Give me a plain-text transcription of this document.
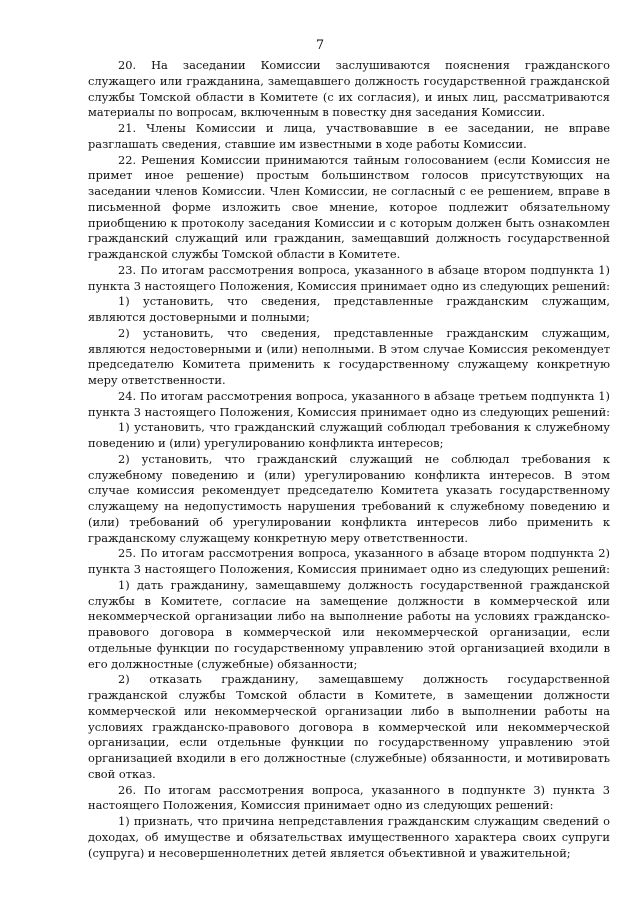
7

20. На заседании Комиссии заслушиваются пояснения гражданского служащего или гражданина, замещавшего должность государственной гражданской службы Томской области в Комитете (с их согласия), и иных лиц, рассматриваются материалы по вопросам, включенным в повестку дня заседания Комиссии.

21. Члены Комиссии и лица, участвовавшие в ее заседании, не вправе разглашать сведения, ставшие им известными в ходе работы Комиссии.

22. Решения Комиссии принимаются тайным голосованием (если Комиссия не примет иное решение) простым большинством голосов присутствующих на заседании членов Комиссии. Член Комиссии, не согласный с ее решением, вправе в письменной форме изложить свое мнение, которое подлежит обязательному приобщению к протоколу заседания Комиссии и с которым должен быть ознакомлен гражданский служащий или гражданин, замещавший должность государственной гражданской службы Томской области в Комитете.

23. По итогам рассмотрения вопроса, указанного в абзаце втором подпункта 1) пункта 3 настоящего Положения, Комиссия принимает одно из следующих решений:

1) установить, что сведения, представленные гражданским служащим, являются достоверными и полными;

2) установить, что сведения, представленные гражданским служащим, являются недостоверными и (или) неполными. В этом случае Комиссия рекомендует председателю Комитета применить к государственному служащему конкретную меру ответственности.

24. По итогам рассмотрения вопроса, указанного в абзаце третьем подпункта 1) пункта 3 настоящего Положения, Комиссия принимает одно из следующих решений:

1) установить, что гражданский служащий соблюдал требования к служебному поведению и (или) урегулированию конфликта интересов;

2) установить, что гражданский служащий не соблюдал требования к служебному поведению и (или) урегулированию конфликта интересов. В этом случае комиссия рекомендует председателю Комитета указать государственному служащему на недопустимость нарушения требований к служебному поведению и (или) требований об урегулировании конфликта интересов либо применить к гражданскому служащему конкретную меру ответственности.

25. По итогам рассмотрения вопроса, указанного в абзаце втором подпункта 2) пункта 3 настоящего Положения, Комиссия принимает одно из следующих решений:

1) дать гражданину, замещавшему должность государственной гражданской службы в Комитете, согласие на замещение должности в коммерческой или некоммерческой организации либо на выполнение работы на условиях гражданско-правового договора в коммерческой или некоммерческой организации, если отдельные функции по государственному управлению этой организацией входили в его должностные (служебные) обязанности;

2) отказать гражданину, замещавшему должность государственной гражданской службы Томской области в Комитете, в замещении должности коммерческой или некоммерческой организации либо в выполнении работы на условиях гражданско-правового договора в коммерческой или некоммерческой организации, если отдельные функции по государственному управлению этой организацией входили в его должностные (служебные) обязанности, и мотивировать свой отказ.

26. По итогам рассмотрения вопроса, указанного в подпункте 3) пункта 3 настоящего Положения, Комиссия принимает одно из следующих решений:

1) признать, что причина непредставления гражданским служащим сведений о доходах, об имуществе и обязательствах имущественного характера своих супруги (супруга) и несовершеннолетних детей является объективной и уважительной;
